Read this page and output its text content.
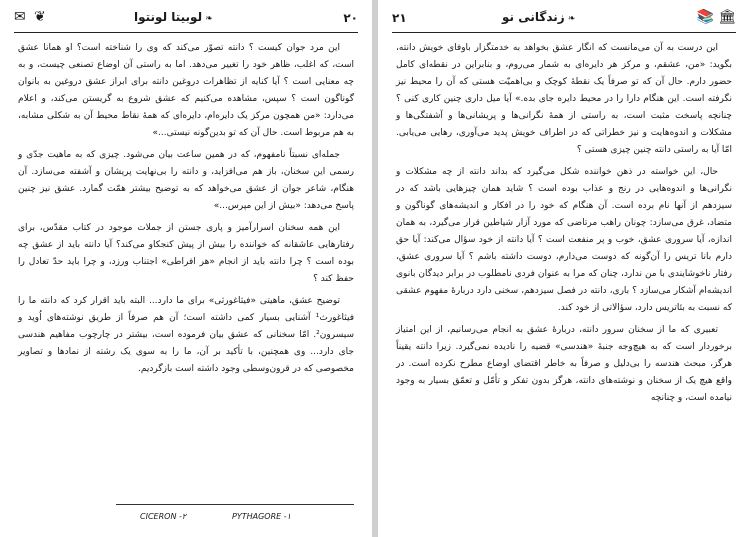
✉ ❦	❧ لوبیتا لونتوا	۲۰

این مرد جوان کیست ؟ دانته تصوّر می‌کند که وی را شناخته است؟ او همانا عشق است، که اغلب، ظاهر خود را تغییر می‌دهد. اما به راستی آن اوضاع تصنعی چیست، و به چه معنایی است ؟ آیا کنایه از تظاهرات دروغین دانته برای ابراز عشق دروغین به بانوان گوناگون است ؟ سپس، مشاهده می‌کنیم که عشق شروع به گریستن می‌کند، و اعلام می‌دارد: «من همچون مرکز یک دایره‌ام، دایره‌ای که همهٔ نقاط محیط آن به شکلی مشابه، به هم مربوط است. حال آن که تو بدین‌گونه نیستی...»

جمله‌ای نسبتاً نامفهوم، که در همین ساعت بیان می‌شود. چیزی که به ماهیت جدّی و رسمی این سخنان، باز هم می‌افزاید، و دانته را بی‌نهایت پریشان و آشفته می‌سازد. آن هنگام، شاعر جوان از عشق می‌خواهد که به توضیح بیشتر همّت گمارد. عشق نیز چنین پاسخ می‌دهد: «بیش از این مپرس...»

این همه سخنان اسرارآمیز و پاری جستن از جملات موجود در کتاب مقدّس، برای رفتارهایی عاشقانه که خواننده را بیش از پیش کنجکاو می‌کند؟ آیا دانته باید از عشق چه بوده است ؟ چرا دانته باید از انجام «هر افراطی» اجتناب ورزد، و چرا باید حدّ تعادل را حفظ کند ؟

توضیح عشق، ماهیتی «فیثاغورثی» برای ما دارد... البته باید اقرار کرد که دانته ما را فیثاغورث¹ آشنایی بسیار کمی داشته است؛ آن هم صرفاً از طریق نوشته‌های اُوید و سیسرون². امّا سخنانی که عشق بیان فرموده است، بیشتر در چارچوب مفاهیم هندسی جای دارد... وی همچنین، با تأکید بر آن، ما را به سوی یک رشته از نمادها و تصاویر مخصوصی که در قرون‌وسطی وجود داشته است بازگردیم.

CICERON -۲	PYTHAGORE -۱
۲۱	❧ زندگانی نو	📚 🏛

این درست به آن می‌مانست که انگار عشق بخواهد به خدمتگزار باوفای خویش دانته، بگوید: «من، عشقم، و مرکز هر دایره‌ای به شمار می‌روم، و بنابراین در نقطه‌ای کامل حضور دارم. حال آن که تو صرفاً یک نقطهٔ کوچک و بی‌اهمیّت هستی که آن را محیط نیز نگرفته است. این هنگام دارا را در محیط دایره جای بده.» آیا میل داری چنین کاری کنی ؟ چنانچه پاسخت مثبت است، به راستی از همهٔ نگرانی‌ها و پریشانی‌ها و آشفتگی‌ها و مشکلات و اندوه‌هایت و نیز خطراتی که در اطراف خویش پدید می‌آوری، رهایی می‌یابی. امّا آیا به راستی دانته چنین چیزی هستی ؟

حال، این خواسته در ذهن خواننده شکل می‌گیرد که بداند دانته از چه مشکلات و نگرانی‌ها و اندوه‌هایی در رنج و عذاب بوده است ؟ شاید همان چیزهایی باشد که در سیزدهم از آنها نام برده است. آن هنگام که خود را در افکار و اندیشه‌های گوناگون و متضاد، غرق می‌سازد: چونان راهب مرتاضی که مورد آزار شیاطین قرار می‌گیرد، به همان اندازه، آیا سروری عشق، خوب و پر منفعت است ؟ آیا دانته از خود سؤال می‌کند: آیا حق دارم بانا تریس را آن‌گونه که دوست می‌دارم، دوست داشته باشم ؟ آیا سروری عشق، رفتار ناخوشایندی با من ندارد، چنان که مرا به عنوان فردی نامطلوب در برابر دیدگان بانوی اندیشه‌ام آشکار می‌سازد ؟ باری، دانته در فصل سیزدهم، سخنی دارد دربارهٔ مفهوم عشقی که نسبت به بئاتریس دارد، سؤالاتی از خود کند.

تعبیری که ما از سخنان سرور دانته، دربارهٔ عشق به انجام می‌رسانیم، از این امتیاز برخوردار است که به هیچ‌وجه جنبهٔ «هندسی» قضیه را نادیده نمی‌گیرد. زیرا دانته یقیناً هرگز، مبحث هندسه را بی‌دلیل و صرفاً به خاطر اقتضای اوضاع مطرح نکرده است. در واقع هیچ یک از سخنان و نوشته‌های دانته، هرگز بدون تفکر و تأمّل و تعمّق بسیار به وجود نیامده است، و چنانچه
